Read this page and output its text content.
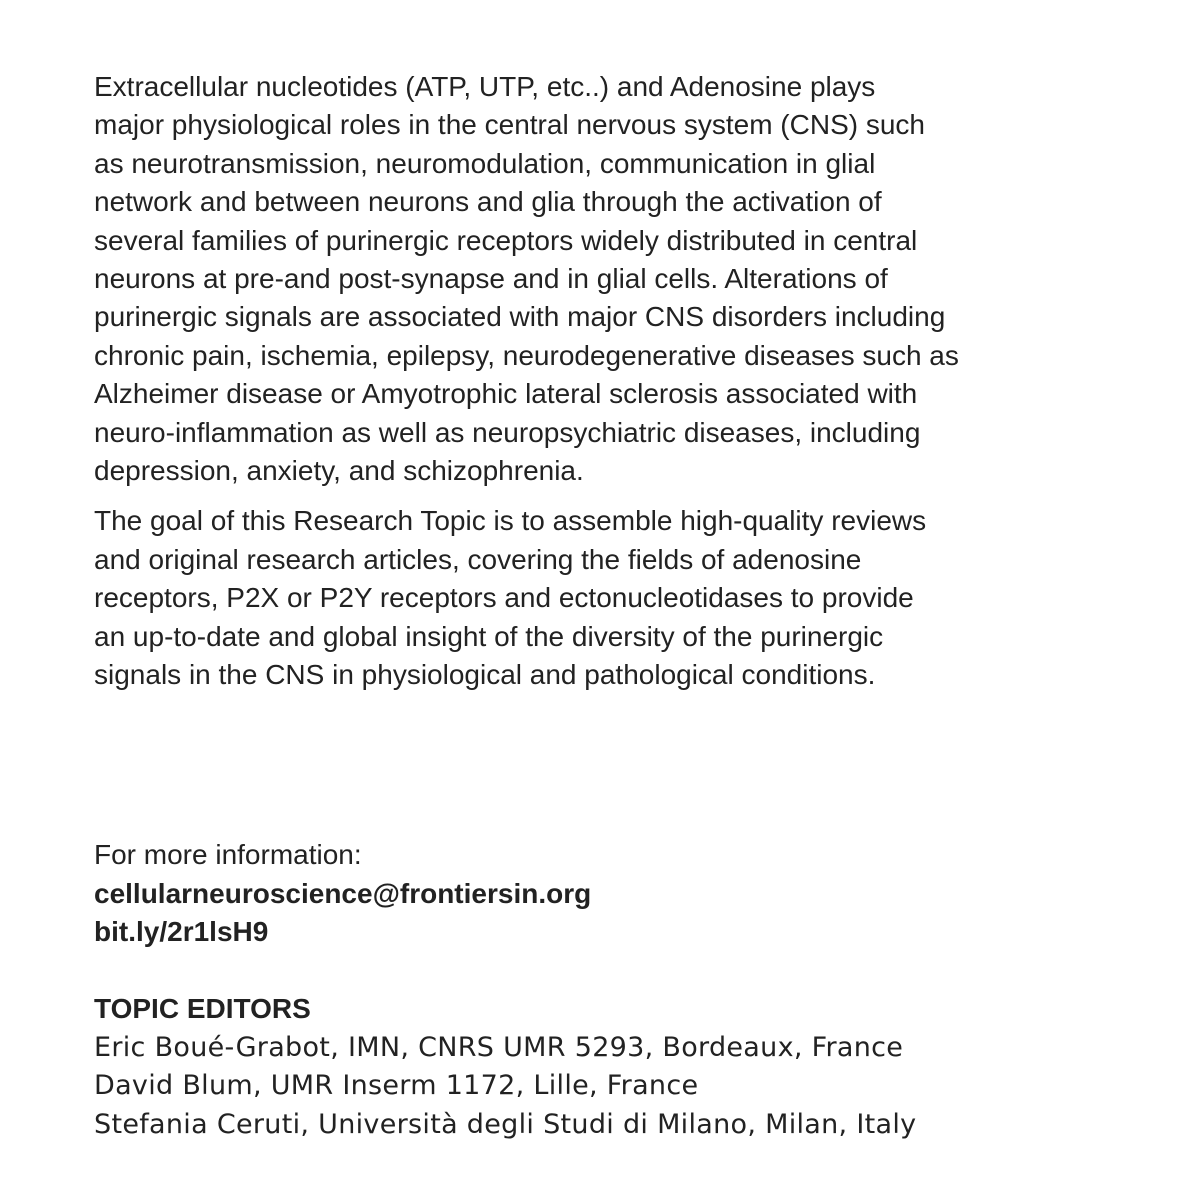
Extracellular nucleotides (ATP, UTP, etc..) and Adenosine plays
major physiological roles in the central nervous system (CNS) such
as neurotransmission, neuromodulation, communication in glial
network and between neurons and glia through the activation of
several families of purinergic receptors widely distributed in central
neurons at pre-and post-synapse and in glial cells. Alterations of
purinergic signals are associated with major CNS disorders including
chronic pain, ischemia, epilepsy, neurodegenerative diseases such as
Alzheimer disease or Amyotrophic lateral sclerosis associated with
neuro-inflammation as well as neuropsychiatric diseases, including
depression, anxiety, and schizophrenia.

The goal of this Research Topic is to assemble high-quality reviews
and original research articles, covering the fields of adenosine
receptors, P2X or P2Y receptors and ectonucleotidases to provide
an up-to-date and global insight of the diversity of the purinergic
signals in the CNS in physiological and pathological conditions.

For more information:
cellularneuroscience@frontiersin.org
bit.ly/2r1lsH9
TOPIC EDITORS
Eric Boué-Grabot, IMN, CNRS UMR 5293, Bordeaux, France
David Blum, UMR Inserm 1172, Lille, France
Stefania Ceruti, Università degli Studi di Milano, Milan, Italy
